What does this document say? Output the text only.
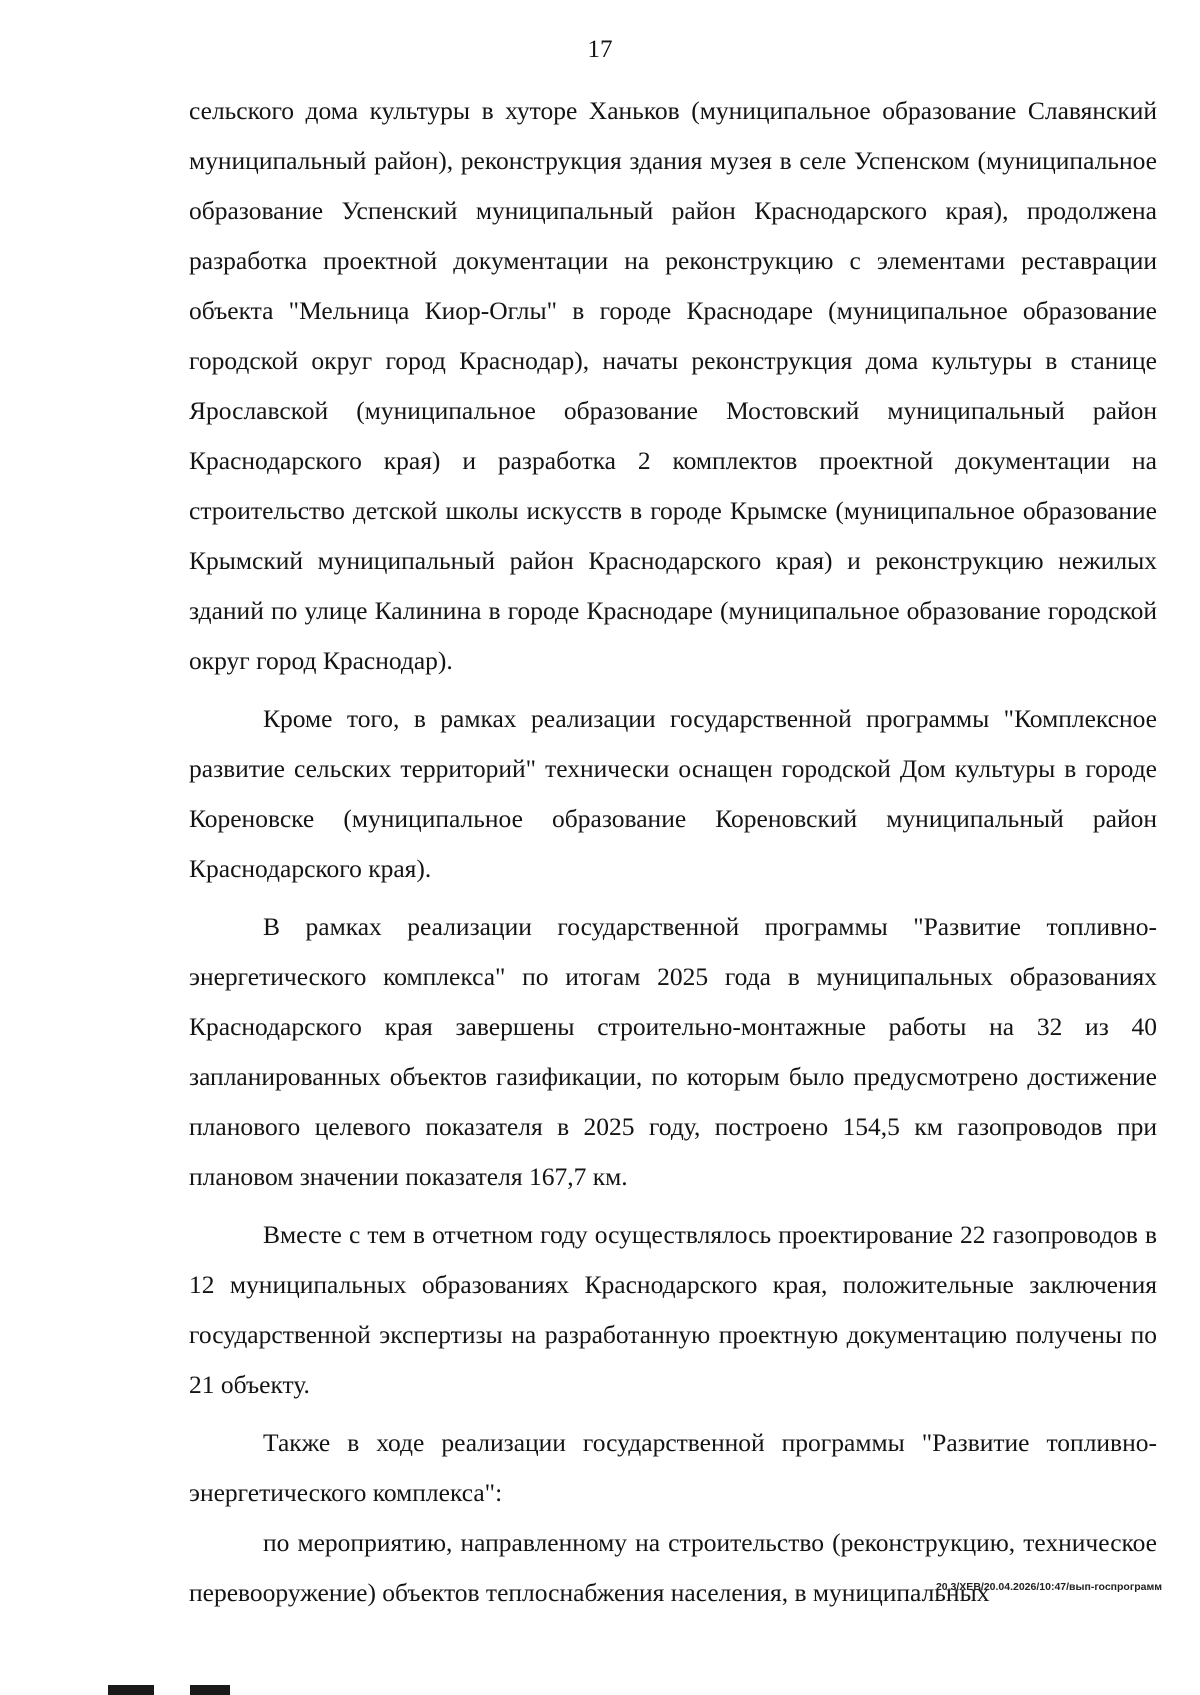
17

сельского дома культуры в хуторе Ханьков (муниципальное образование Славянский муниципальный район), реконструкция здания музея в селе Успенском (муниципальное образование Успенский муниципальный район Краснодарского края), продолжена разработка проектной документации на реконструкцию с элементами реставрации объекта "Мельница Киор-Оглы" в городе Краснодаре (муниципальное образование городской округ город Краснодар), начаты реконструкция дома культуры в станице Ярославской (муниципальное образование Мостовский муниципальный район Краснодарского края) и разработка 2 комплектов проектной документации на строительство детской школы искусств в городе Крымске (муниципальное образование Крымский муниципальный район Краснодарского края) и реконструкцию нежилых зданий по улице Калинина в городе Краснодаре (муниципальное образование городской округ город Краснодар).

Кроме того, в рамках реализации государственной программы "Комплексное развитие сельских территорий" технически оснащен городской Дом культуры в городе Кореновске (муниципальное образование Кореновский муниципальный район Краснодарского края).

В рамках реализации государственной программы "Развитие топливно-энергетического комплекса" по итогам 2025 года в муниципальных образованиях Краснодарского края завершены строительно-монтажные работы на 32 из 40 запланированных объектов газификации, по которым было предусмотрено достижение планового целевого показателя в 2025 году, построено 154,5 км газопроводов при плановом значении показателя 167,7 км.

Вместе с тем в отчетном году осуществлялось проектирование 22 газопроводов в 12 муниципальных образованиях Краснодарского края, положительные заключения государственной экспертизы на разработанную проектную документацию получены по 21 объекту.

Также в ходе реализации государственной программы "Развитие топливно-энергетического комплекса":

по мероприятию, направленному на строительство (реконструкцию, техническое перевооружение) объектов теплоснабжения населения, в муниципальных

20.3/ХЕВ/20.04.2026/10:47/вып-госпрограмм
